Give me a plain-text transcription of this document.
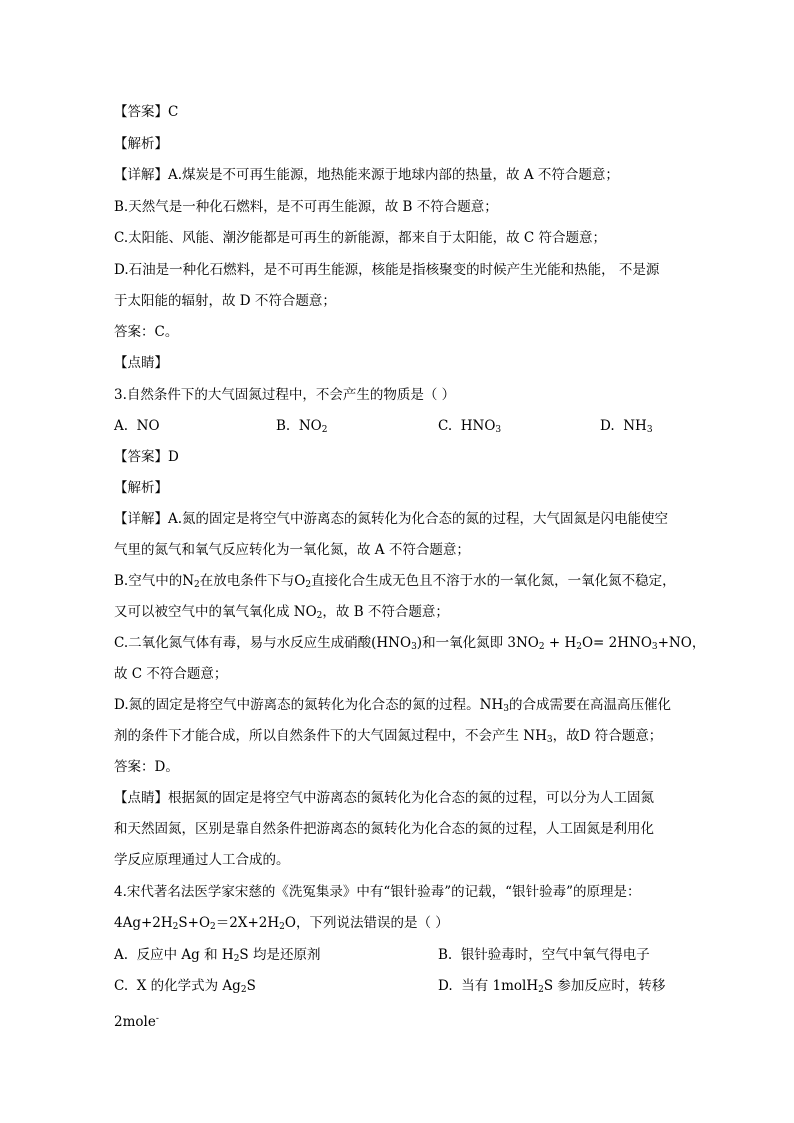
【答案】C
【解析】
【详解】A.煤炭是不可再生能源，地热能来源于地球内部的热量，故 A 不符合题意；
B.天然气是一种化石燃料，是不可再生能源，故 B 不符合题意；
C.太阳能、风能、潮汐能都是可再生的新能源，都来自于太阳能，故 C 符合题意；
D.石油是一种化石燃料，是不可再生能源，核能是指核聚变的时候产生光能和热能， 不是源
于太阳能的辐射，故 D 不符合题意；
答案：C。
【点睛】
3.自然条件下的大气固氮过程中，不会产生的物质是（ ）
A. NO	B. $NO_2$	C. $HNO_3$	D. $NH_3$
【答案】D
【解析】
【详解】A.氮的固定是将空气中游离态的氮转化为化合态的氮的过程，大气固氮是闪电能使空
气里的氮气和氧气反应转化为一氧化氮，故 A 不符合题意；
B.空气中的$N_2$在放电条件下与$O_2$直接化合生成无色且不溶于水的一氧化氮，一氧化氮不稳定，
又可以被空气中的氧气氧化成 $NO_2$，故 B 不符合题意；
C.二氧化氮气体有毒，易与水反应生成硝酸$(HNO_3)$和一氧化氮即 $3NO_2 + H_2O= 2HNO_3+NO$，
故 C 不符合题意；
D.氮的固定是将空气中游离态的氮转化为化合态的氮的过程。$NH_3$的合成需要在高温高压催化
剂的条件下才能合成，所以自然条件下的大气固氮过程中，不会产生 $NH_3$，故D 符合题意；
答案：D。
【点睛】根据氮的固定是将空气中游离态的氮转化为化合态的氮的过程，可以分为人工固氮
和天然固氮，区别是靠自然条件把游离态的氮转化为化合态的氮的过程，人工固氮是利用化
学反应原理通过人工合成的。
4.宋代著名法医学家宋慈的《洗冤集录》中有“银针验毒”的记载，“银针验毒”的原理是：
$4Ag+2H_2S+O_2=2X+2H_2O$，下列说法错误的是（ ）
A. 反应中 Ag 和 $H_2S$ 均是还原剂	B. 银针验毒时，空气中氧气得电子
C. X 的化学式为 $Ag_2S$	D. 当有 1molH$_2$S 参加反应时，转移
2mole-
